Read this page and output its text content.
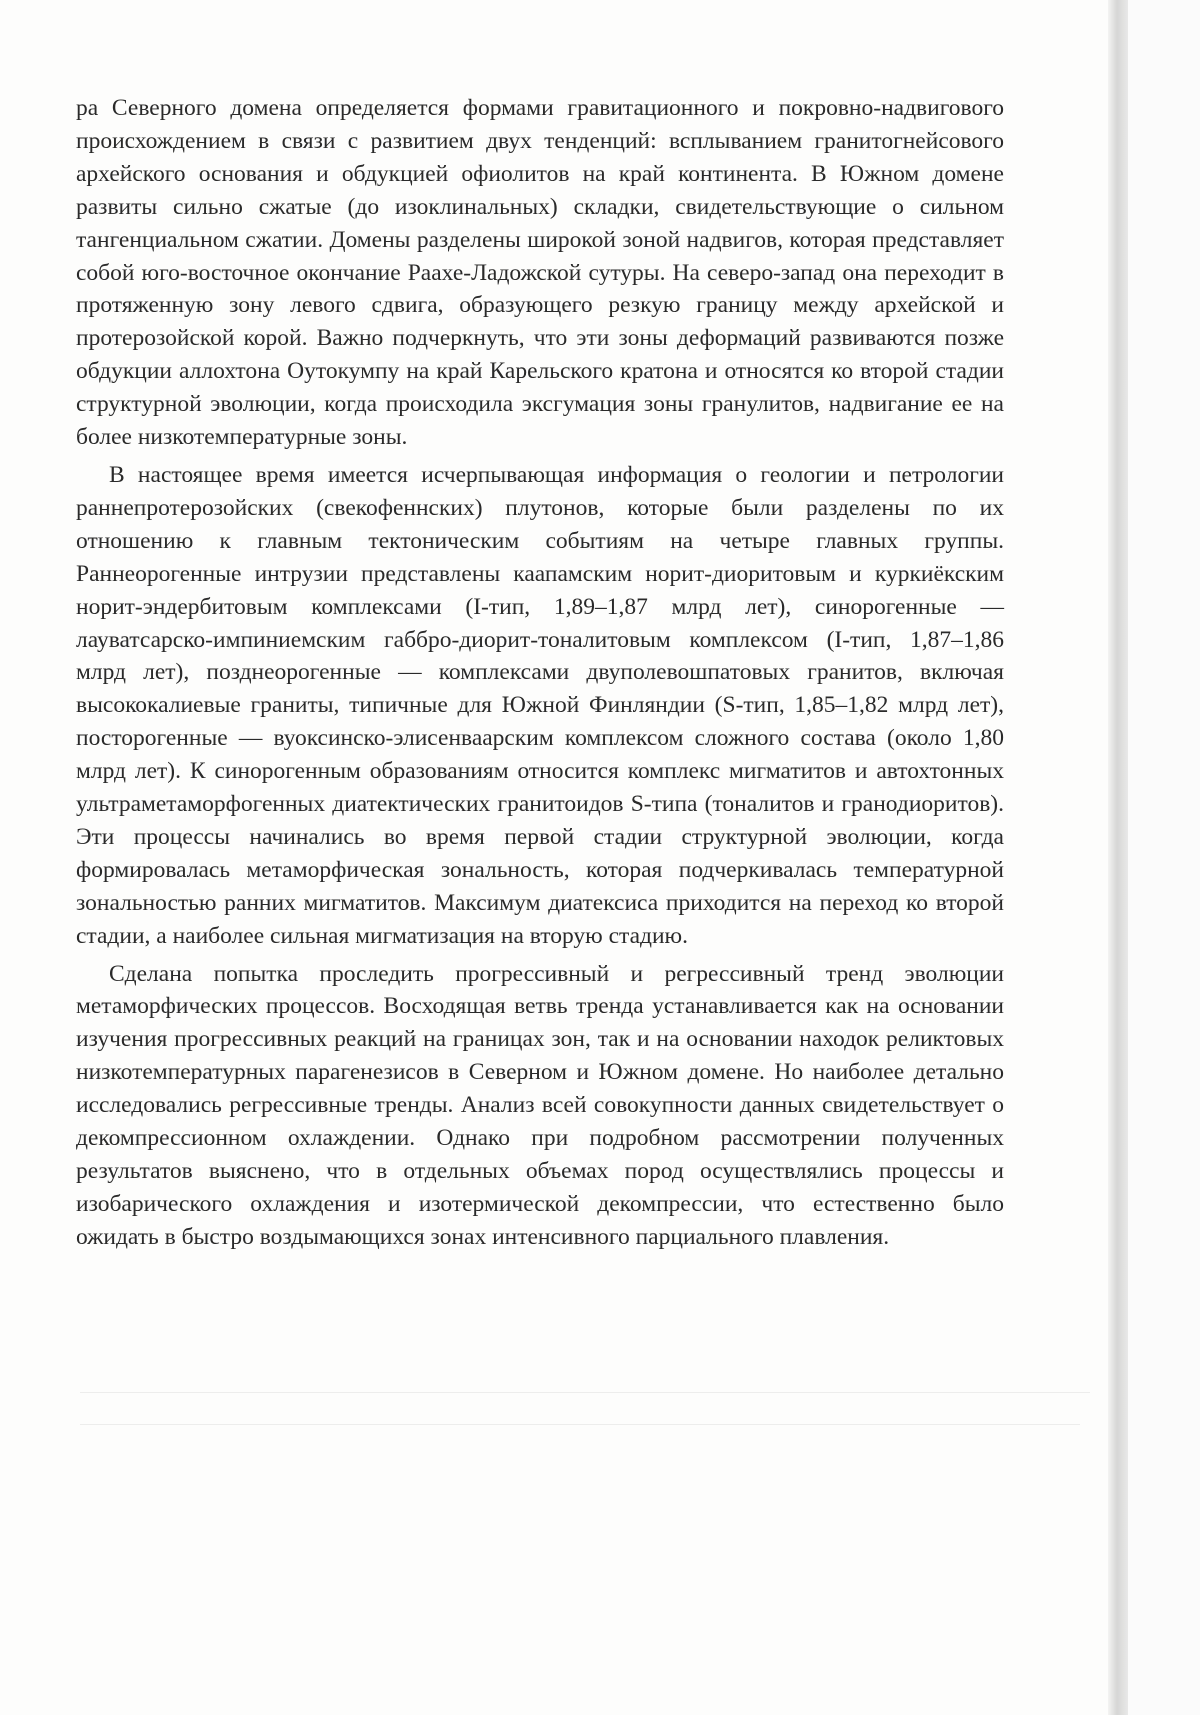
ра Северного домена определяется формами гравитационного и покровно-надвигового происхождением в связи с развитием двух тенденций: всплыванием гранитогнейсового архейского основания и обдукцией офиолитов на край континента. В Южном домене развиты сильно сжатые (до изоклинальных) складки, свидетельствующие о сильном тангенциальном сжатии. Домены разделены широкой зоной надвигов, которая представляет собой юго-восточное окончание Раахе-Ладожской сутуры. На северо-запад она переходит в протяженную зону левого сдвига, образующего резкую границу между архейской и протерозойской корой. Важно подчеркнуть, что эти зоны деформаций развиваются позже обдукции аллохтона Оутокумпу на край Карельского кратона и относятся ко второй стадии структурной эволюции, когда происходила эксгумация зоны гранулитов, надвигание ее на более низкотемпературные зоны.

В настоящее время имеется исчерпывающая информация о геологии и петрологии раннепротерозойских (свекофеннских) плутонов, которые были разделены по их отношению к главным тектоническим событиям на четыре главных группы. Раннеорогенные интрузии представлены каапамским норит-диоритовым и куркиёкским норит-эндербитовым комплексами (I-тип, 1,89–1,87 млрд лет), синорогенные — лауватсарско-импиниемским габбро-диорит-тоналитовым комплексом (I-тип, 1,87–1,86 млрд лет), позднеорогенные — комплексами двуполевошпатовых гранитов, включая высококалиевые граниты, типичные для Южной Финляндии (S-тип, 1,85–1,82 млрд лет), посторогенные — вуоксинско-элисенваарским комплексом сложного состава (около 1,80 млрд лет). К синорогенным образованиям относится комплекс мигматитов и автохтонных ультраметаморфогенных диатектических гранитоидов S-типа (тоналитов и гранодиоритов). Эти процессы начинались во время первой стадии структурной эволюции, когда формировалась метаморфическая зональность, которая подчеркивалась температурной зональностью ранних мигматитов. Максимум диатексиса приходится на переход ко второй стадии, а наиболее сильная мигматизация на вторую стадию.

Сделана попытка проследить прогрессивный и регрессивный тренд эволюции метаморфических процессов. Восходящая ветвь тренда устанавливается как на основании изучения прогрессивных реакций на границах зон, так и на основании находок реликтовых низкотемпературных парагенезисов в Северном и Южном домене. Но наиболее детально исследовались регрессивные тренды. Анализ всей совокупности данных свидетельствует о декомпрессионном охлаждении. Однако при подробном рассмотрении полученных результатов выяснено, что в отдельных объемах пород осуществлялись процессы и изобарического охлаждения и изотермической декомпрессии, что естественно было ожидать в быстро воздымающихся зонах интенсивного парциального плавления.
